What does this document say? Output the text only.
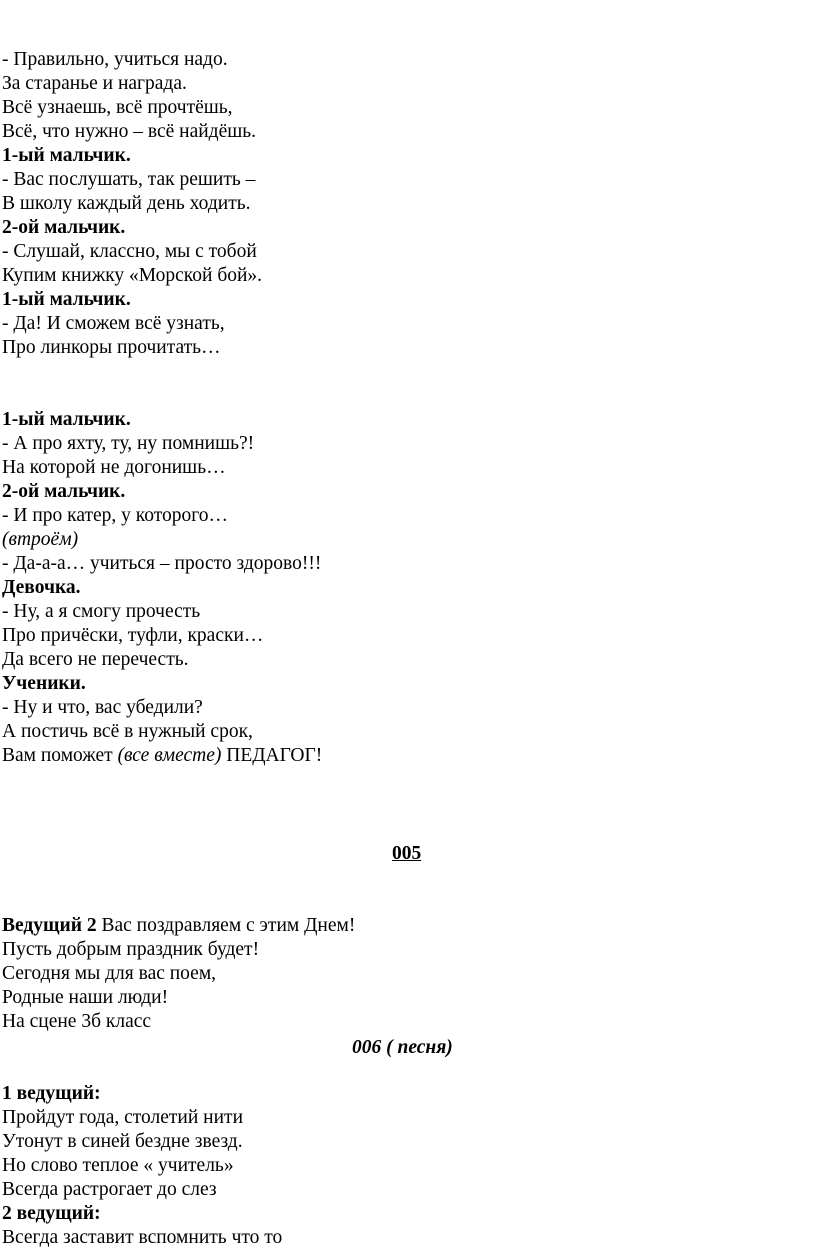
- Правильно, учиться надо.
За старанье и награда.
Всё узнаешь, всё прочтёшь,
Всё, что нужно – всё найдёшь.
1-ый мальчик.
- Вас послушать, так решить –
В школу каждый день ходить.
2-ой мальчик.
- Слушай, классно, мы с тобой
Купим книжку «Морской бой».
1-ый мальчик.
- Да! И сможем всё узнать,
Про линкоры прочитать…
1-ый мальчик.
- А про яхту, ту, ну помнишь?!
На которой не догонишь…
2-ой мальчик.
- И про катер, у которого…
(втроём)
- Да-а-а… учиться – просто здорово!!!
Девочка.
- Ну, а я смогу прочесть
Про причёски, туфли, краски…
Да всего не перечесть.
Ученики.
- Ну и что, вас убедили?
А постичь всё в нужный срок,
Вам поможет (все вместе) ПЕДАГОГ!
005
Ведущий 2 Вас поздравляем с этим Днем!
Пусть добрым праздник будет!
Сегодня мы для вас поем,
Родные наши люди!
На сцене 3б класс
006 ( песня)
1 ведущий:
Пройдут года, столетий нити
Утонут в синей бездне звезд.
Но слово теплое « учитель»
Всегда растрогает до слез
2 ведущий:
Всегда заставит вспомнить что то
